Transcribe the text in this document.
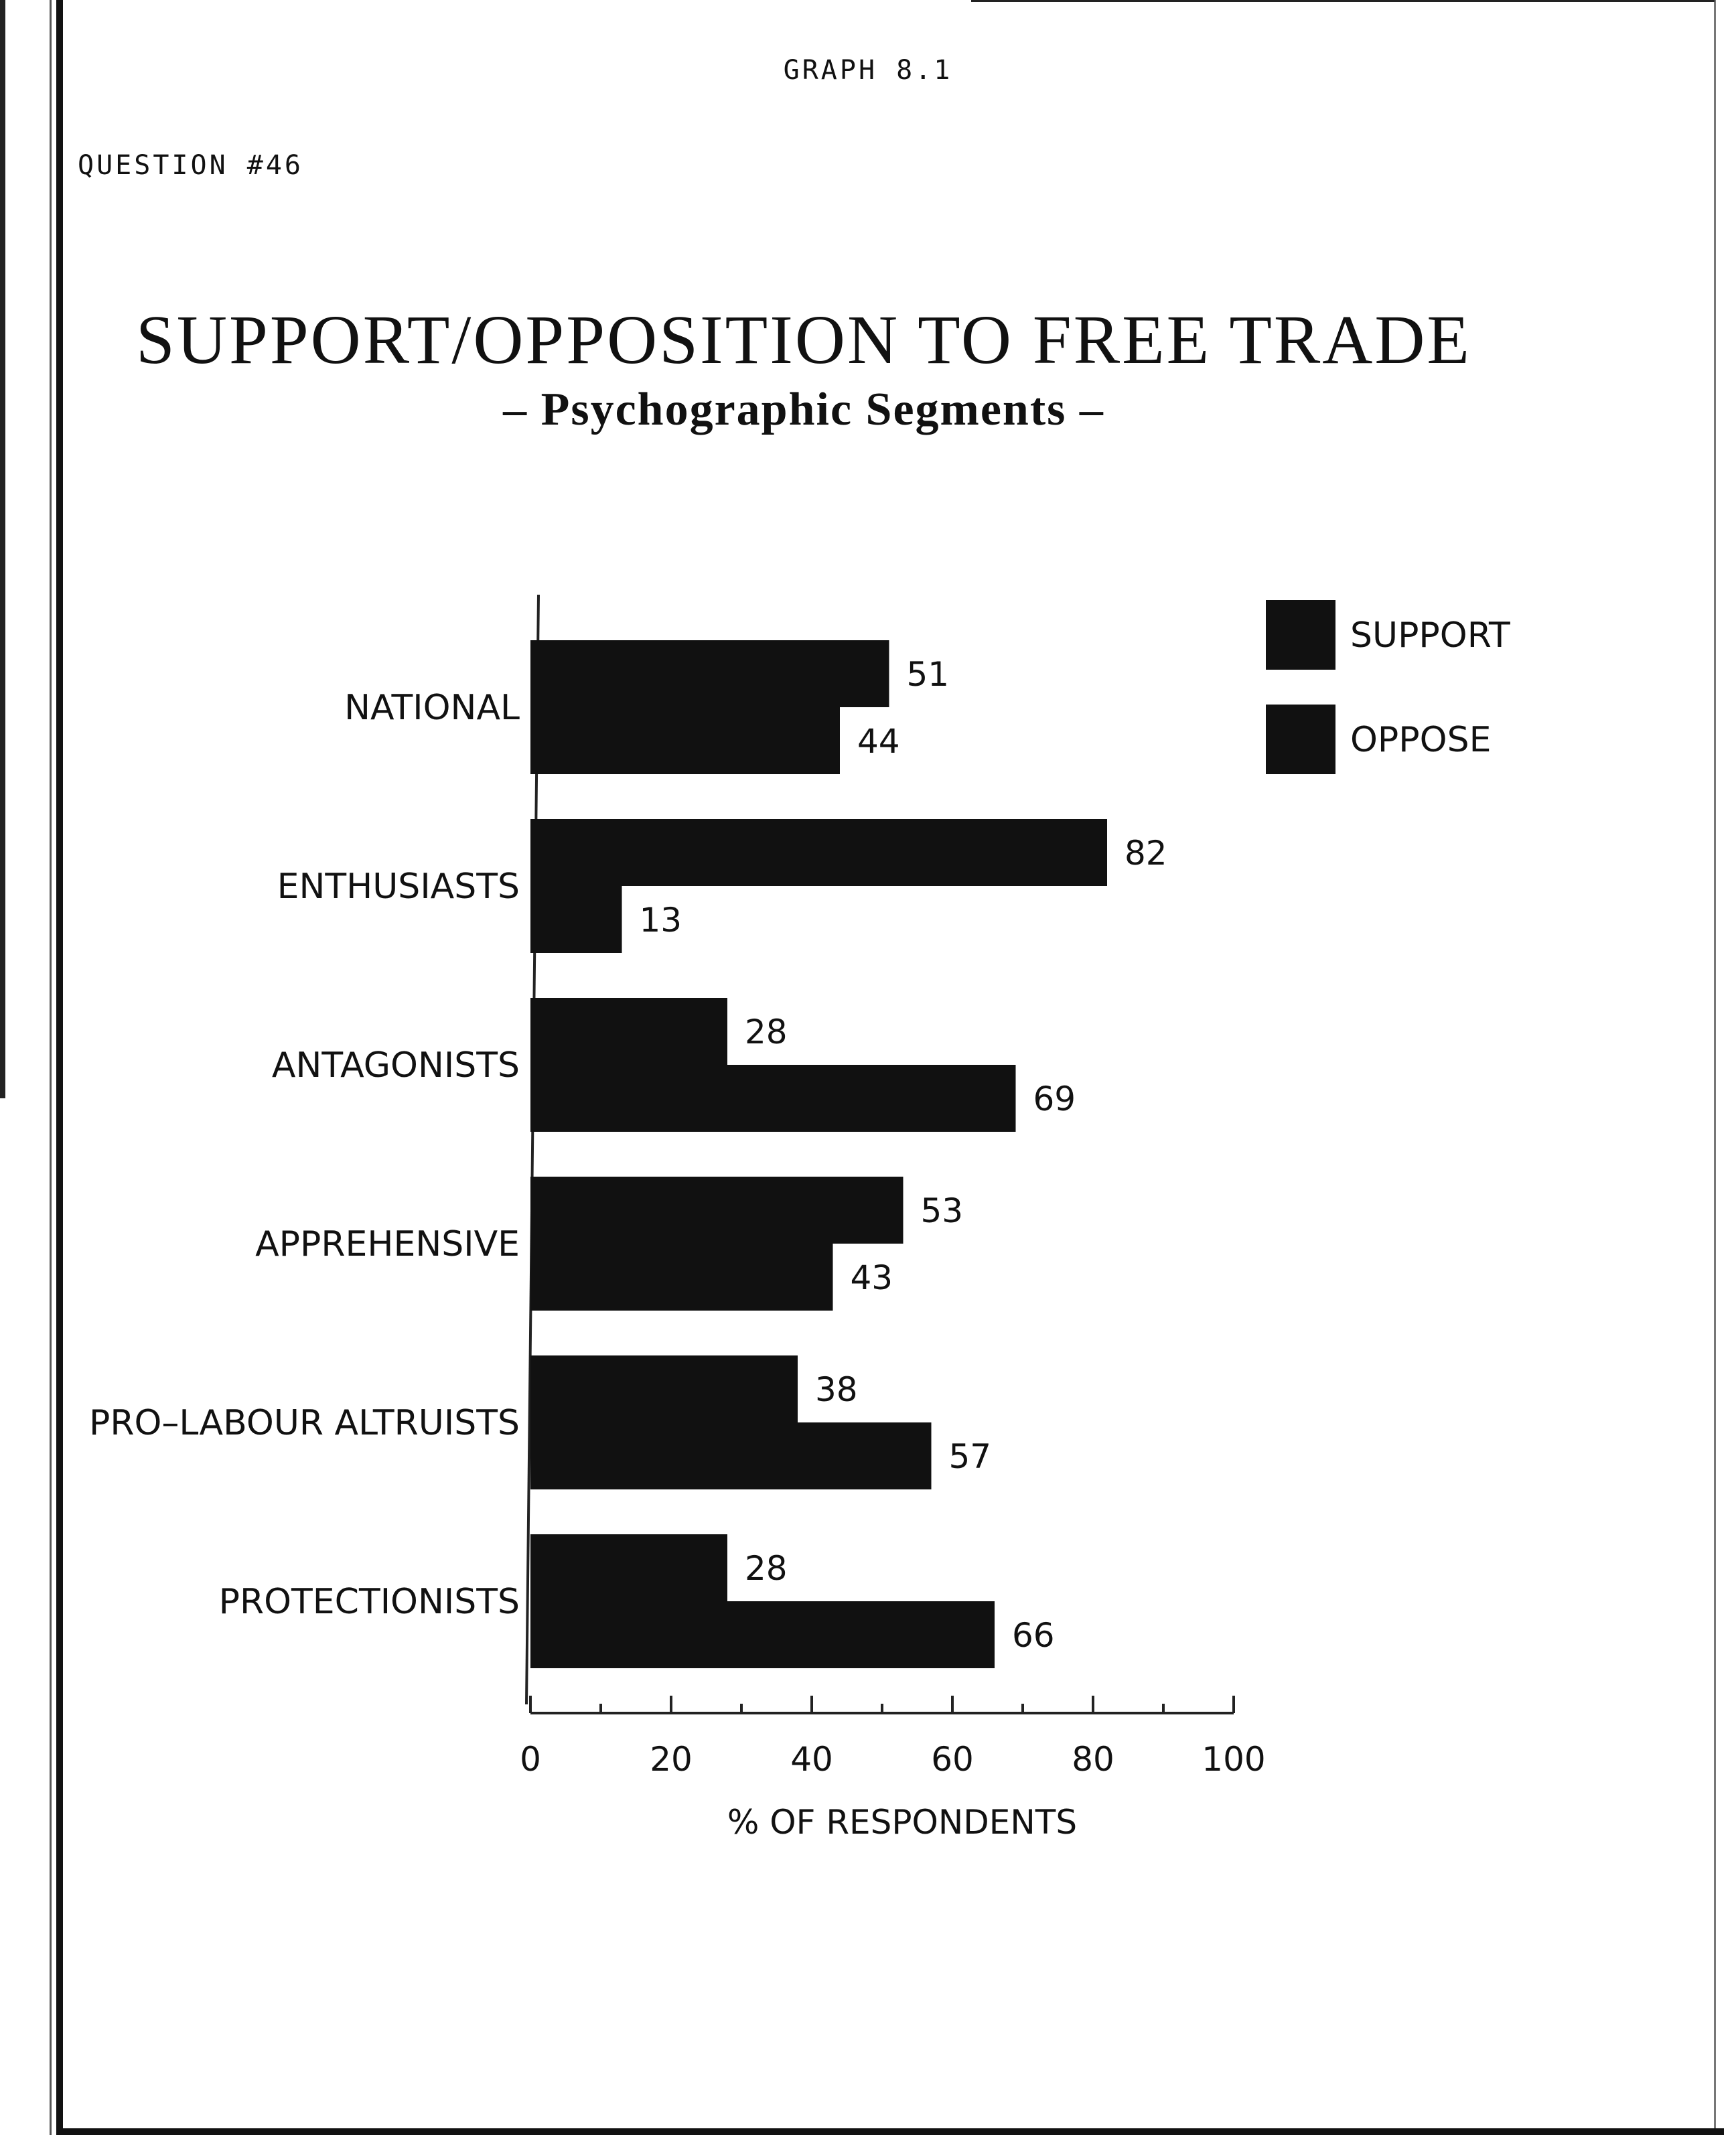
GRAPH 8.1
QUESTION #46
SUPPORT/OPPOSITION TO FREE TRADE
– Psychographic Segments –
51
44
NATIONAL
82
13
ENTHUSIASTS
28
69
ANTAGONISTS
53
43
APPREHENSIVE
38
57
PRO–LABOUR ALTRUISTS
28
66
PROTECTIONISTS
0	20	40	60	80	100
% OF RESPONDENTS
SUPPORT
OPPOSE
